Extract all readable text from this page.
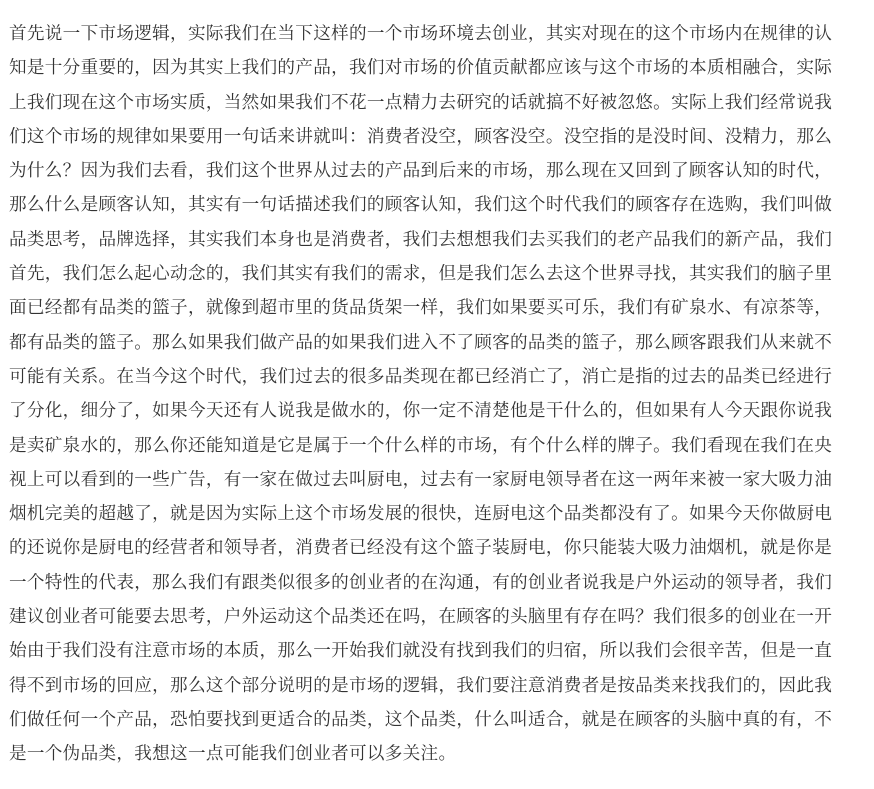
首先说一下市场逻辑，实际我们在当下这样的一个市场环境去创业，其实对现在的这个市场内在规律的认
知是十分重要的，因为其实上我们的产品，我们对市场的价值贡献都应该与这个市场的本质相融合，实际
上我们现在这个市场实质，当然如果我们不花一点精力去研究的话就搞不好被忽悠。实际上我们经常说我
们这个市场的规律如果要用一句话来讲就叫：消费者没空，顾客没空。没空指的是没时间、没精力，那么
为什么？因为我们去看，我们这个世界从过去的产品到后来的市场，那么现在又回到了顾客认知的时代，
那么什么是顾客认知，其实有一句话描述我们的顾客认知，我们这个时代我们的顾客存在选购，我们叫做
品类思考，品牌选择，其实我们本身也是消费者，我们去想想我们去买我们的老产品我们的新产品，我们
首先，我们怎么起心动念的，我们其实有我们的需求，但是我们怎么去这个世界寻找，其实我们的脑子里
面已经都有品类的篮子，就像到超市里的货品货架一样，我们如果要买可乐，我们有矿泉水、有凉茶等，
都有品类的篮子。那么如果我们做产品的如果我们进入不了顾客的品类的篮子，那么顾客跟我们从来就不
可能有关系。在当今这个时代，我们过去的很多品类现在都已经消亡了，消亡是指的过去的品类已经进行
了分化，细分了，如果今天还有人说我是做水的，你一定不清楚他是干什么的，但如果有人今天跟你说我
是卖矿泉水的，那么你还能知道是它是属于一个什么样的市场，有个什么样的牌子。我们看现在我们在央
视上可以看到的一些广告，有一家在做过去叫厨电，过去有一家厨电领导者在这一两年来被一家大吸力油
烟机完美的超越了，就是因为实际上这个市场发展的很快，连厨电这个品类都没有了。如果今天你做厨电
的还说你是厨电的经营者和领导者，消费者已经没有这个篮子装厨电，你只能装大吸力油烟机，就是你是
一个特性的代表，那么我们有跟类似很多的创业者的在沟通，有的创业者说我是户外运动的领导者，我们
建议创业者可能要去思考，户外运动这个品类还在吗，在顾客的头脑里有存在吗？我们很多的创业在一开
始由于我们没有注意市场的本质，那么一开始我们就没有找到我们的归宿，所以我们会很辛苦，但是一直
得不到市场的回应，那么这个部分说明的是市场的逻辑，我们要注意消费者是按品类来找我们的，因此我
们做任何一个产品，恐怕要找到更适合的品类，这个品类，什么叫适合，就是在顾客的头脑中真的有，不
是一个伪品类，我想这一点可能我们创业者可以多关注。
